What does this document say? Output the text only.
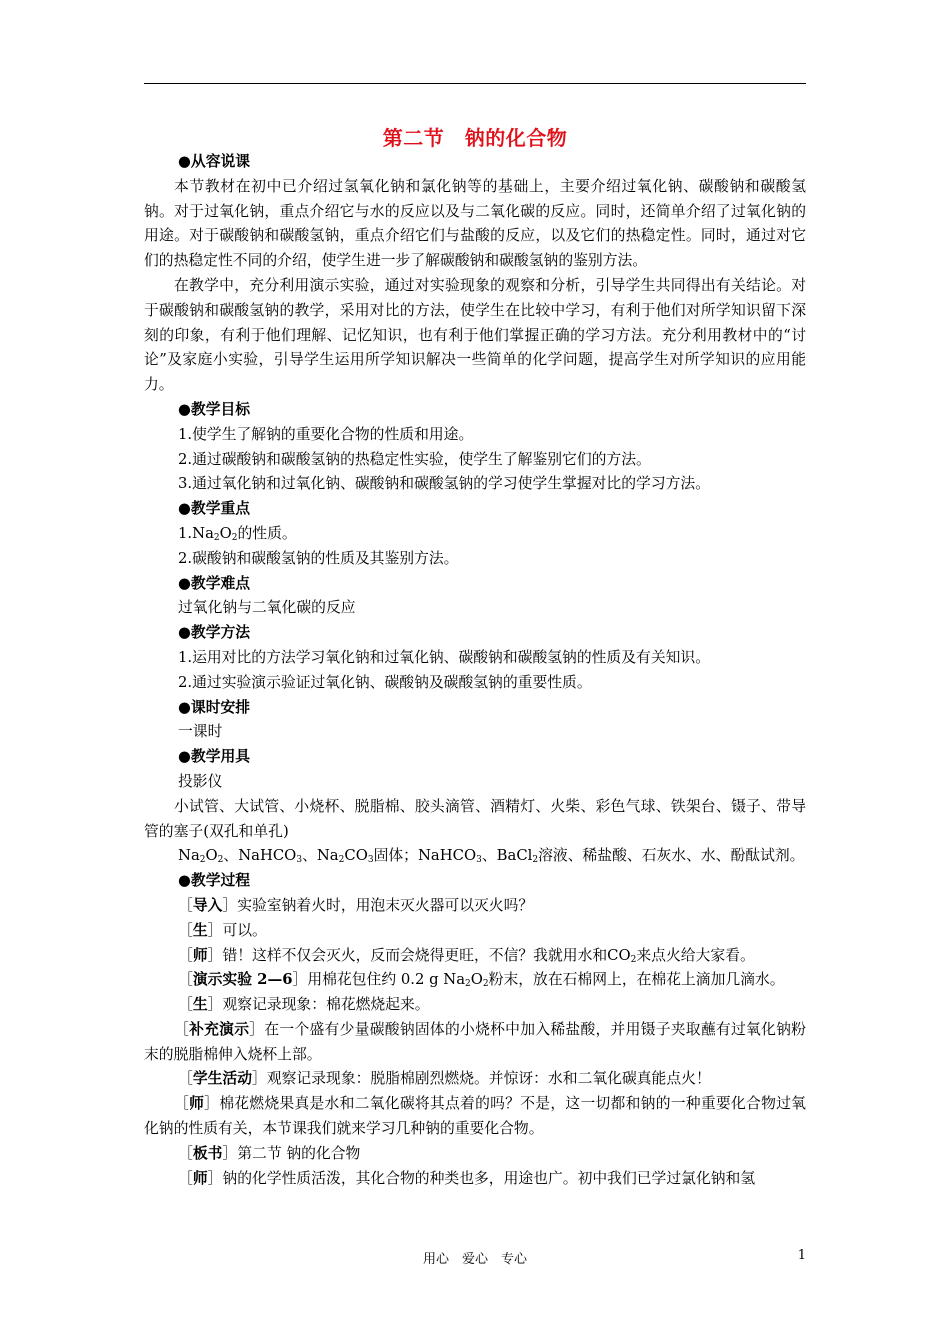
第二节　钠的化合物

●从容说课

本节教材在初中已介绍过氢氧化钠和氯化钠等的基础上，主要介绍过氧化钠、碳酸钠和碳酸氢钠。对于过氧化钠，重点介绍它与水的反应以及与二氧化碳的反应。同时，还简单介绍了过氧化钠的用途。对于碳酸钠和碳酸氢钠，重点介绍它们与盐酸的反应，以及它们的热稳定性。同时，通过对它们的热稳定性不同的介绍，使学生进一步了解碳酸钠和碳酸氢钠的鉴别方法。

在教学中，充分利用演示实验，通过对实验现象的观察和分析，引导学生共同得出有关结论。对于碳酸钠和碳酸氢钠的教学，采用对比的方法，使学生在比较中学习，有利于他们对所学知识留下深刻的印象，有利于他们理解、记忆知识，也有利于他们掌握正确的学习方法。充分利用教材中的“讨论”及家庭小实验，引导学生运用所学知识解决一些简单的化学问题，提高学生对所学知识的应用能力。

●教学目标

1.使学生了解钠的重要化合物的性质和用途。

2.通过碳酸钠和碳酸氢钠的热稳定性实验，使学生了解鉴别它们的方法。

3.通过氧化钠和过氧化钠、碳酸钠和碳酸氢钠的学习使学生掌握对比的学习方法。

●教学重点

$1.Na_2O_2$的性质。

2.碳酸钠和碳酸氢钠的性质及其鉴别方法。

●教学难点

过氧化钠与二氧化碳的反应

●教学方法

1.运用对比的方法学习氧化钠和过氧化钠、碳酸钠和碳酸氢钠的性质及有关知识。

2.通过实验演示验证过氧化钠、碳酸钠及碳酸氢钠的重要性质。

●课时安排

一课时

●教学用具

投影仪

小试管、大试管、小烧杯、脱脂棉、胶头滴管、酒精灯、火柴、彩色气球、铁架台、镊子、带导管的塞子(双孔和单孔)

$Na_2O_2$、NaHCO$_3$、$Na_2CO_3$固体；NaHCO$_3$、BaCl$_2$溶液、稀盐酸、石灰水、水、酚酞试剂。

●教学过程

［导入］实验室钠着火时，用泡末灭火器可以灭火吗？

［生］可以。

［师］错！这样不仅会灭火，反而会烧得更旺，不信？我就用水和$CO_2$来点火给大家看。

［演示实验 2—6］用棉花包住约 0.2 g $Na_2O_2$粉末，放在石棉网上，在棉花上滴加几滴水。

［生］观察记录现象：棉花燃烧起来。

［补充演示］在一个盛有少量碳酸钠固体的小烧杯中加入稀盐酸，并用镊子夹取蘸有过氧化钠粉末的脱脂棉伸入烧杯上部。

［学生活动］观察记录现象：脱脂棉剧烈燃烧。并惊讶：水和二氧化碳真能点火！

［师］棉花燃烧果真是水和二氧化碳将其点着的吗？不是，这一切都和钠的一种重要化合物过氧化钠的性质有关，本节课我们就来学习几种钠的重要化合物。

［板书］第二节 钠的化合物

［师］钠的化学性质活泼，其化合物的种类也多，用途也广。初中我们已学过氯化钠和氢

用心　爱心　专心	1
